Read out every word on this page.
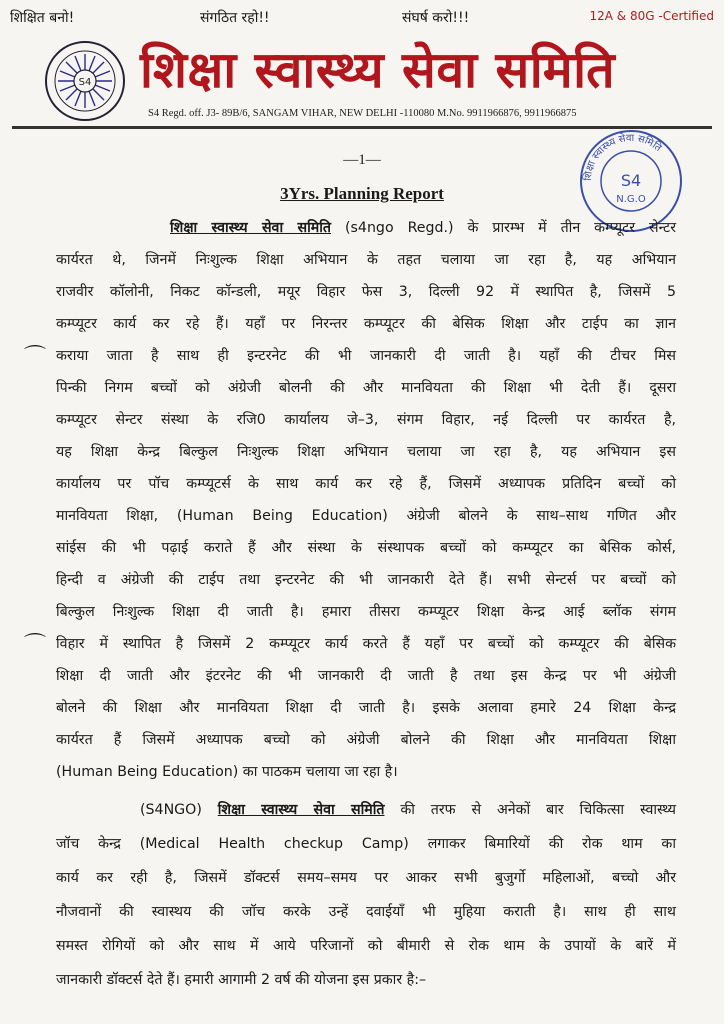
शिक्षित बनो!	संगठित रहो!!	संघर्ष करो!!!	12A & 80G -Certified
S4 शिक्षा स्वास्थ्य सेवा समिति
S4 Regd. off. J3- 89B/6, SANGAM VIHAR, NEW DELHI -110080 M.No. 9911966876, 9911966875
शिक्षा स्वास्थ्य सेवा समिति
S4
N.G.O
—1—
3Yrs. Planning Report
शिक्षा स्वास्थ्य सेवा समिति (s4ngo Regd.) के प्रारम्भ में तीन कम्प्यूटर सेन्टर
कार्यरत थे, जिनमें निःशुल्क शिक्षा अभियान के तहत चलाया जा रहा है, यह अभियान
राजवीर कॉलोनी, निकट कॉन्डली, मयूर विहार फेस 3, दिल्ली 92 में स्थापित है, जिसमें 5
कम्प्यूटर कार्य कर रहे हैं। यहाँ पर निरन्तर कम्प्यूटर की बेसिक शिक्षा और टाईप का ज्ञान
कराया जाता है साथ ही इन्टरनेट की भी जानकारी दी जाती है। यहाँ की टीचर मिस
पिन्की निगम बच्चों को अंग्रेजी बोलनी की और मानवियता की शिक्षा भी देती हैं। दूसरा
कम्प्यूटर सेन्टर संस्था के रजि0 कार्यालय जे–3, संगम विहार, नई दिल्ली पर कार्यरत है,
यह शिक्षा केन्द्र बिल्कुल निःशुल्क शिक्षा अभियान चलाया जा रहा है, यह अभियान इस
कार्यालय पर पॉच कम्प्यूटर्स के साथ कार्य कर रहे हैं, जिसमें अध्यापक प्रतिदिन बच्चों को
मानवियता शिक्षा, (Human Being Education) अंग्रेजी बोलने के साथ–साथ गणित और
सांईस की भी पढ़ाई कराते हैं और संस्था के संस्थापक बच्चों को कम्प्यूटर का बेसिक कोर्स,
हिन्दी व अंग्रेजी की टाईप तथा इन्टरनेट की भी जानकारी देते हैं। सभी सेन्टर्स पर बच्चों को
बिल्कुल निःशुल्क शिक्षा दी जाती है। हमारा तीसरा कम्प्यूटर शिक्षा केन्द्र आई ब्लॉक संगम
विहार में स्थापित है जिसमें 2 कम्प्यूटर कार्य करते हैं यहाँ पर बच्चों को कम्प्यूटर की बेसिक
शिक्षा दी जाती और इंटरनेट की भी जानकारी दी जाती है तथा इस केन्द्र पर भी अंग्रेजी
बोलने की शिक्षा और मानवियता शिक्षा दी जाती है। इसके अलावा हमारे 24 शिक्षा केन्द्र
कार्यरत हैं जिसमें अध्यापक बच्चो को अंग्रेजी बोलने की शिक्षा और मानवियता शिक्षा
(Human Being Education) का पाठकम चलाया जा रहा है।
(S4NGO) शिक्षा स्वास्थ्य सेवा समिति की तरफ से अनेकों बार चिकित्सा स्वास्थ्य
जॉच केन्द्र (Medical Health checkup Camp) लगाकर बिमारियों की रोक थाम का
कार्य कर रही है, जिसमें डॉक्टर्स समय–समय पर आकर सभी बुजुर्गो महिलाओं, बच्चो और
नौजवानों की स्वास्थय की जॉच करके उन्हें दवाईयाँ भी मुहिया कराती है। साथ ही साथ
समस्त रोगियों को और साथ में आये परिजानों को बीमारी से रोक थाम के उपायों के बारें में
जानकारी डॉक्टर्स देते हैं। हमारी आगामी 2 वर्ष की योजना इस प्रकार है:–
⌒
⌒
